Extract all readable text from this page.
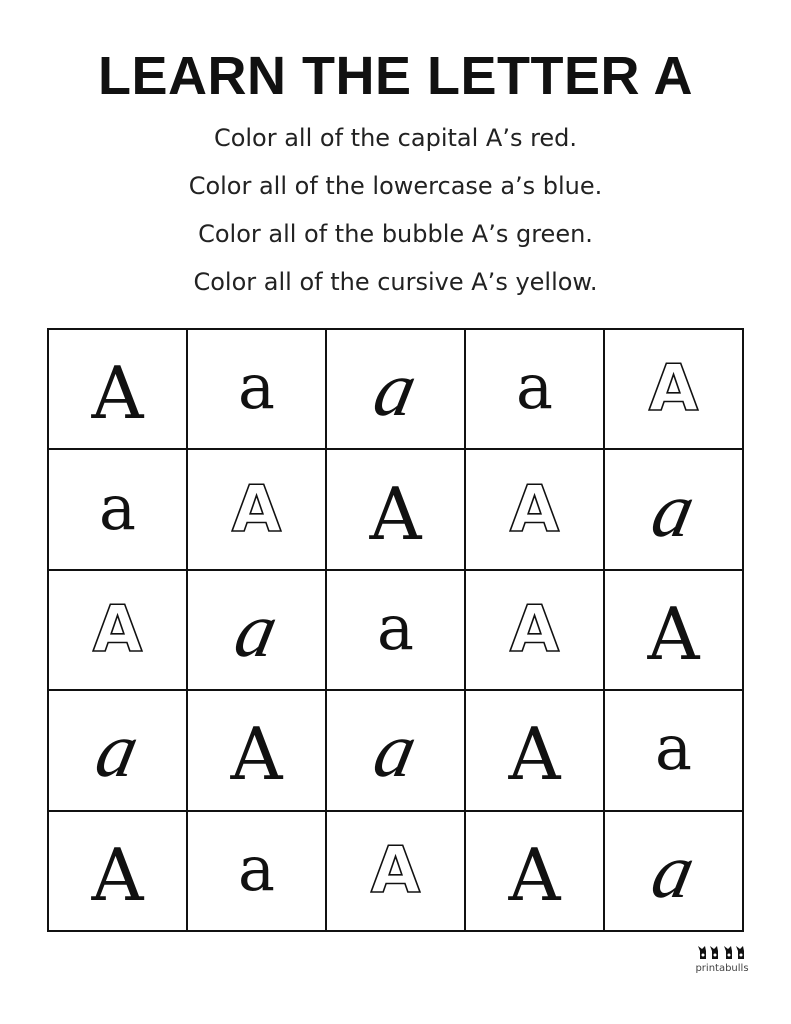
LEARN THE LETTER A
Color all of the capital A’s red.
Color all of the lowercase a’s blue.
Color all of the bubble A’s green.
Color all of the cursive A’s yellow.
A a a a A
a A A A a
A a a A A
a A a A a
A a A A a
printabulls
